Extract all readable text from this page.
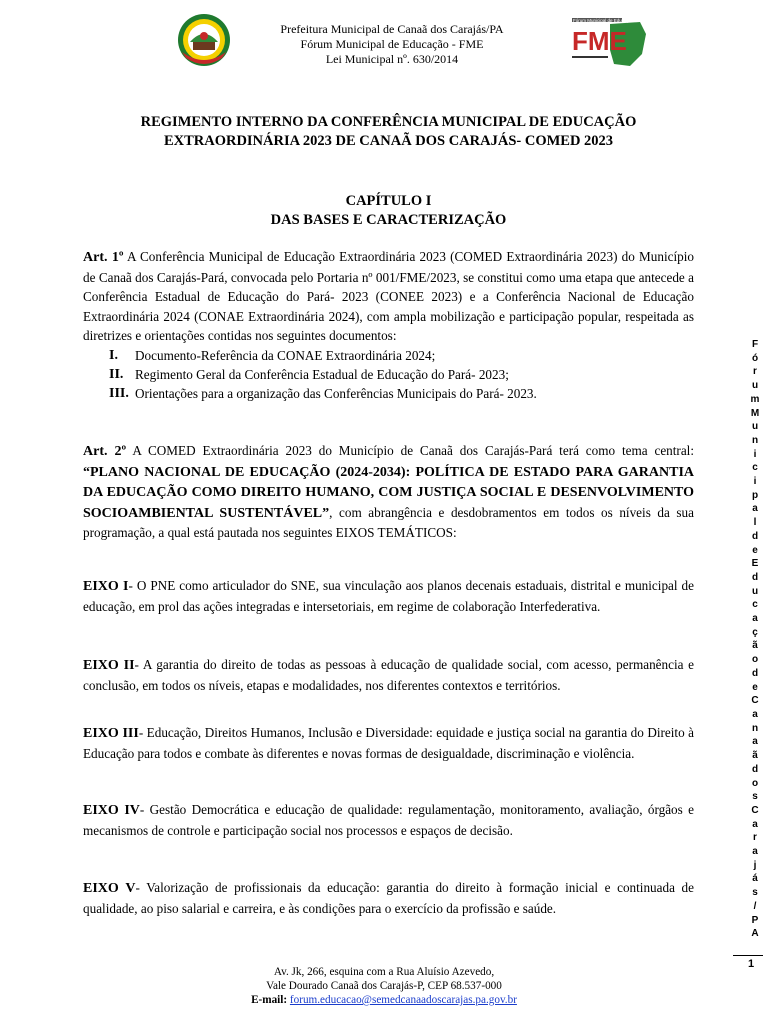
Prefeitura Municipal de Canaã dos Carajás/PA
Fórum Municipal de Educação - FME
Lei Municipal nº. 630/2014
FME
Fórum Municipal de Educação
REGIMENTO INTERNO DA CONFERÊNCIA MUNICIPAL DE EDUCAÇÃO
EXTRAORDINÁRIA 2023 DE CANAÃ DOS CARAJÁS- COMED 2023
CAPÍTULO I
DAS BASES E CARACTERIZAÇÃO
Art. 1º A Conferência Municipal de Educação Extraordinária 2023 (COMED Extraordinária 2023) do Município de Canaã dos Carajás-Pará, convocada pelo Portaria nº 001/FME/2023, se constitui como uma etapa que antecede a Conferência Estadual de Educação do Pará- 2023 (CONEE 2023) e a Conferência Nacional de Educação Extraordinária 2024 (CONAE Extraordinária 2024), com ampla mobilização e participação popular, respeitada as diretrizes e orientações contidas nos seguintes documentos:
I.	Documento-Referência da CONAE Extraordinária 2024;
II. Regimento Geral da Conferência Estadual de Educação do Pará- 2023;
III. Orientações para a organização das Conferências Municipais do Pará- 2023.
Art. 2º A COMED Extraordinária 2023 do Município de Canaã dos Carajás-Pará terá como tema central: “PLANO NACIONAL DE EDUCAÇÃO (2024-2034): POLÍTICA DE ESTADO PARA GARANTIA DA EDUCAÇÃO COMO DIREITO HUMANO, COM JUSTIÇA SOCIAL E DESENVOLVIMENTO SOCIOAMBIENTAL SUSTENTÁVEL”, com abrangência e desdobramentos em todos os níveis da sua programação, a qual está pautada nos seguintes EIXOS TEMÁTICOS:
EIXO I- O PNE como articulador do SNE, sua vinculação aos planos decenais estaduais, distrital e municipal de educação, em prol das ações integradas e intersetoriais, em regime de colaboração Interfederativa.
EIXO II- A garantia do direito de todas as pessoas à educação de qualidade social, com acesso, permanência e conclusão, em todos os níveis, etapas e modalidades, nos diferentes contextos e territórios.
EIXO III- Educação, Direitos Humanos, Inclusão e Diversidade: equidade e justiça social na garantia do Direito à Educação para todos e combate às diferentes e novas formas de desigualdade, discriminação e violência.
EIXO IV- Gestão Democrática e educação de qualidade: regulamentação, monitoramento, avaliação, órgãos e mecanismos de controle e participação social nos processos e espaços de decisão.
EIXO V- Valorização de profissionais da educação: garantia do direito à formação inicial e continuada de qualidade, ao piso salarial e carreira, e às condições para o exercício da profissão e saúde.
F
ó
r
u
m
M
u
n
i
c
i
p
a
l
d
e
E
d
u
c
a
ç
ã
o
d
e
C
a
n
a
ã
d
o
s
C
a
r
a
j
á
s
/
P
A
1
Av. Jk, 266, esquina com a Rua Aluísio Azevedo,
Vale Dourado Canaã dos Carajás-P, CEP 68.537-000
E-mail: forum.educacao@semedcanaadoscarajas.pa.gov.br
